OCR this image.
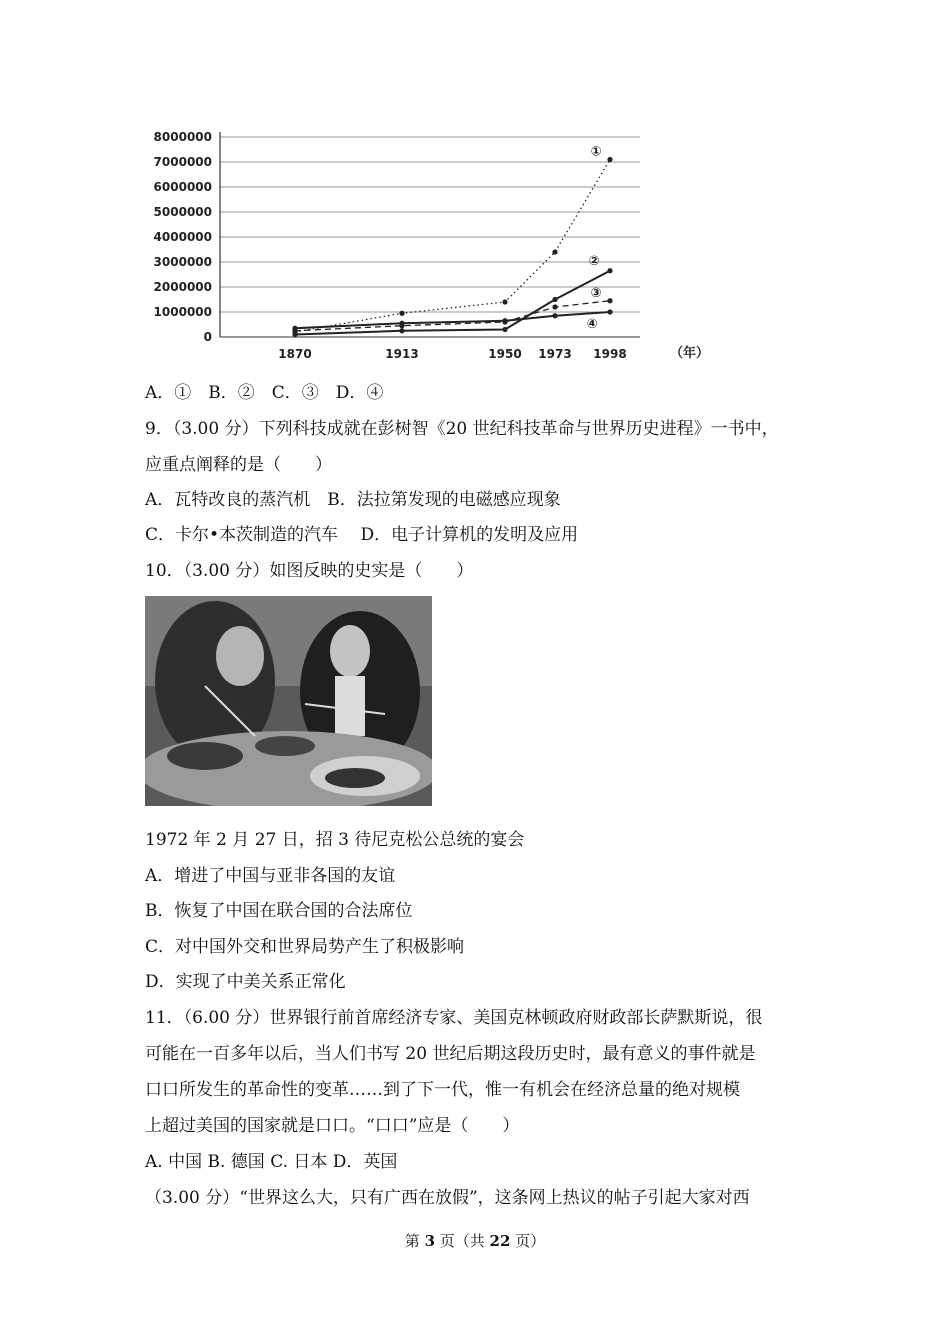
8000000
7000000
6000000
5000000
4000000
3000000
2000000
1000000
0
1870	1913	1950 1973 1998
①
②
③
④
（年）
A．①　B．②　C．③　D．④
9．（3.00 分）下列科技成就在彭树智《20 世纪科技革命与世界历史进程》一书中，
应重点阐释的是（　　）
A．瓦特改良的蒸汽机　B．法拉第发现的电磁感应现象
C．卡尔•本茨制造的汽车　 D．电子计算机的发明及应用
10．（3.00 分）如图反映的史实是（　　）
1972 年 2 月 27 日，招 3 待尼克松公总统的宴会
A．增进了中国与亚非各国的友谊
B．恢复了中国在联合国的合法席位
C．对中国外交和世界局势产生了积极影响
D．实现了中美关系正常化
11．（6.00 分）世界银行前首席经济专家、美国克林顿政府财政部长萨默斯说，很
可能在一百多年以后，当人们书写 20 世纪后期这段历史时，最有意义的事件就是
口口所发生的革命性的变革……到了下一代，惟一有机会在经济总量的绝对规模
上超过美国的国家就是口口。“口口”应是（　　）
A. 中国 B. 德国 C. 日本 D．英国
（3.00 分）“世界这么大，只有广西在放假”，这条网上热议的帖子引起大家对西
第 3 页（共 22 页）
